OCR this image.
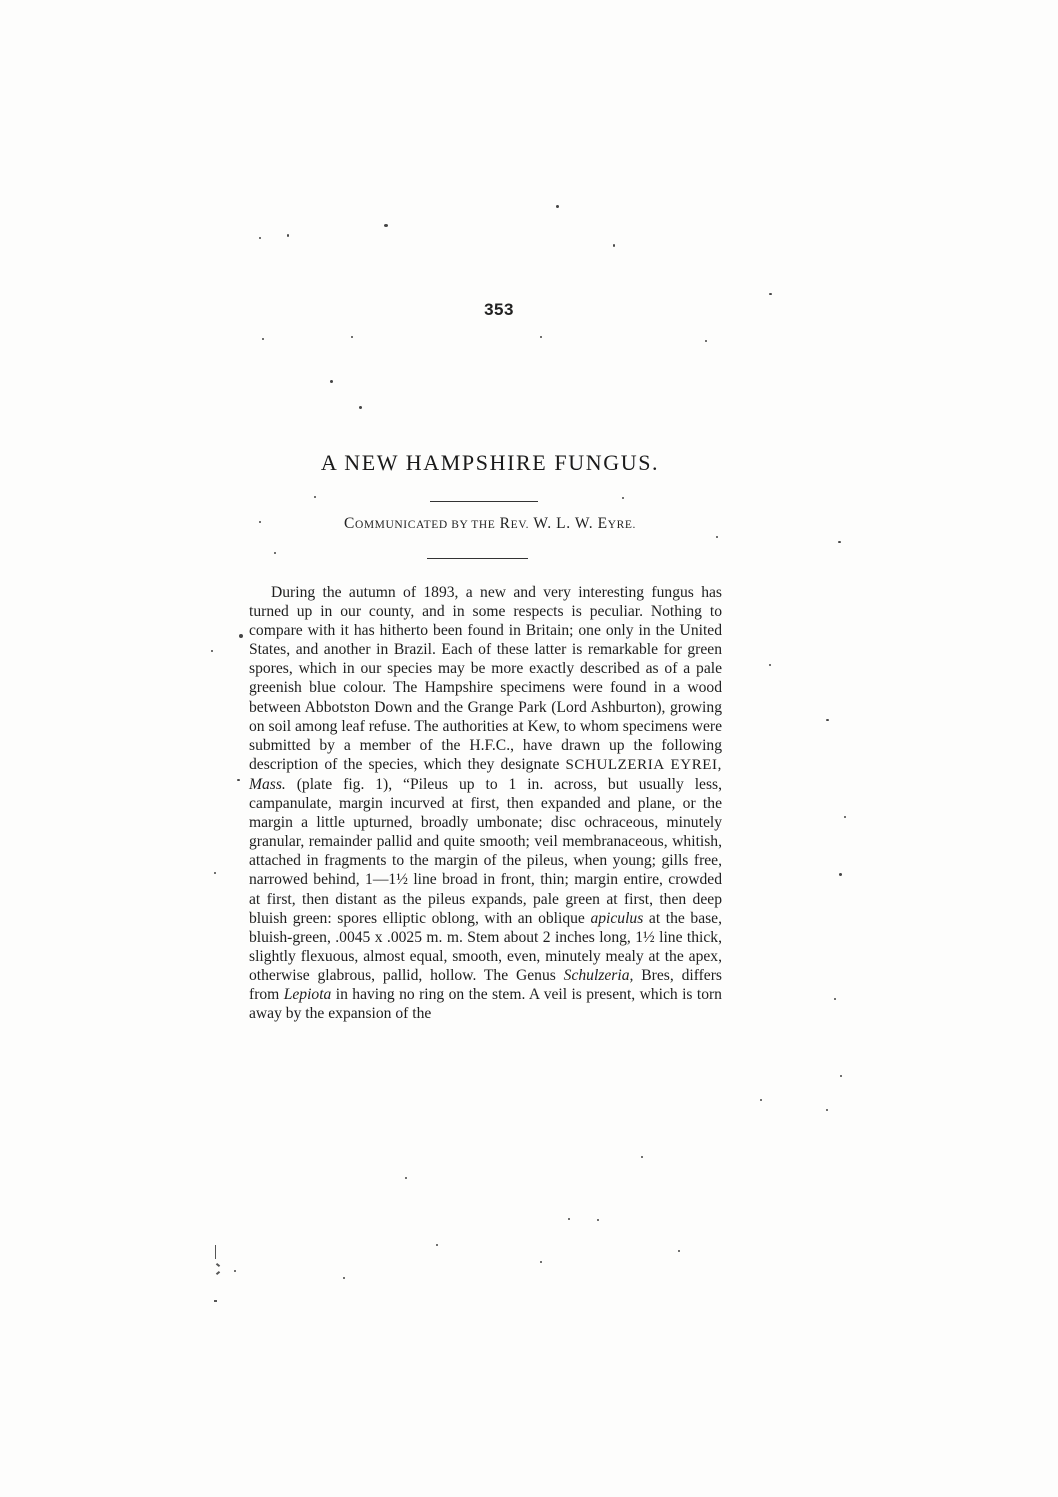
353
A NEW HAMPSHIRE FUNGUS.
COMMUNICATED BY THE REV. W. L. W. EYRE.

During the autumn of 1893, a new and very interesting fungus has turned up in our county, and in some respects is peculiar. Nothing to compare with it has hitherto been found in Britain; one only in the United States, and another in Brazil. Each of these latter is remarkable for green spores, which in our species may be more exactly described as of a pale greenish blue colour. The Hampshire specimens were found in a wood between Abbotston Down and the Grange Park (Lord Ashburton), growing on soil among leaf refuse. The authorities at Kew, to whom specimens were submitted by a member of the H.F.C., have drawn up the following description of the species, which they designate SCHULZERIA EYREI, Mass. (plate fig. 1), “Pileus up to 1 in. across, but usually less, campanulate, margin incurved at first, then expanded and plane, or the margin a little upturned, broadly umbonate; disc ochraceous, minutely granular, remainder pallid and quite smooth; veil membranaceous, whitish, attached in fragments to the margin of the pileus, when young; gills free, narrowed behind, 1—1½ line broad in front, thin; margin entire, crowded at first, then distant as the pileus expands, pale green at first, then deep bluish green: spores elliptic oblong, with an oblique apiculus at the base, bluish-green, .0045 x .0025 m. m. Stem about 2 inches long, 1½ line thick, slightly flexuous, almost equal, smooth, even, minutely mealy at the apex, otherwise glabrous, pallid, hollow. The Genus Schulzeria, Bres, differs from Lepiota in having no ring on the stem. A veil is present, which is torn away by the expansion of the
